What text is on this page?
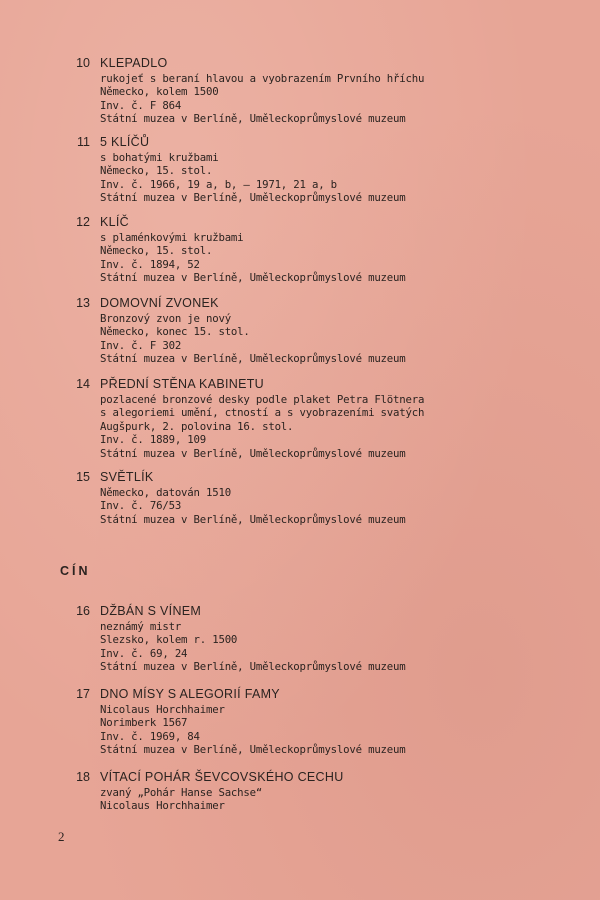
10 KLEPADLO
rukojeť s beraní hlavou a vyobrazením Prvního hříchu
Německo, kolem 1500
Inv. č. F 864
Státní muzea v Berlíně, Uměleckoprůmyslové muzeum
11 5 KLÍČŮ
s bohatými kružbami
Německo, 15. stol.
Inv. č. 1966, 19 a, b, — 1971, 21 a, b
Státní muzea v Berlíně, Uměleckoprůmyslové muzeum
12 KLÍČ
s plaménkovými kružbami
Německo, 15. stol.
Inv. č. 1894, 52
Státní muzea v Berlíně, Uměleckoprůmyslové muzeum
13 DOMOVNÍ ZVONEK
Bronzový zvon je nový
Německo, konec 15. stol.
Inv. č. F 302
Státní muzea v Berlíně, Uměleckoprůmyslové muzeum
14 PŘEDNÍ STĚNA KABINETU
pozlacené bronzové desky podle plaket Petra Flötnera
s alegoriemi umění, ctností a s vyobrazeními svatých
Augšpurk, 2. polovina 16. stol.
Inv. č. 1889, 109
Státní muzea v Berlíně, Uměleckoprůmyslové muzeum
15 SVĚTLÍK
Německo, datován 1510
Inv. č. 76/53
Státní muzea v Berlíně, Uměleckoprůmyslové muzeum
16 DŽBÁN S VÍNEM
neznámý mistr
Slezsko, kolem r. 1500
Inv. č. 69, 24
Státní muzea v Berlíně, Uměleckoprůmyslové muzeum
17 DNO MÍSY S ALEGORIÍ FAMY
Nicolaus Horchhaimer
Norimberk 1567
Inv. č. 1969, 84
Státní muzea v Berlíně, Uměleckoprůmyslové muzeum
18 VÍTACÍ POHÁR ŠEVCOVSKÉHO CECHU
zvaný „Pohár Hanse Sachse“
Nicolaus Horchhaimer
CÍN
2
